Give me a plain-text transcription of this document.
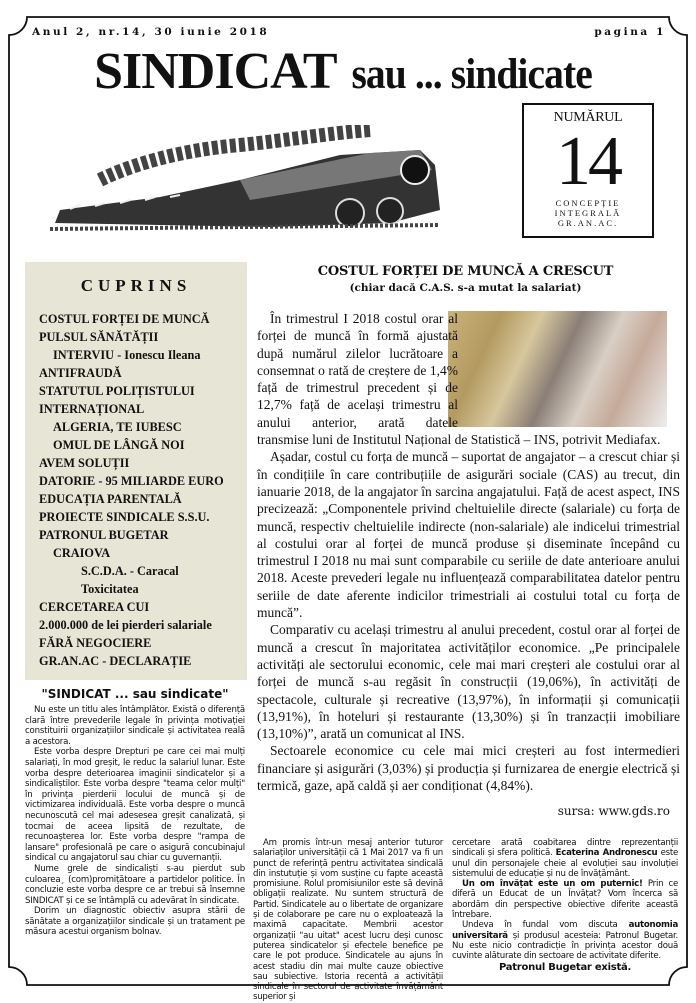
Anul 2, nr.14, 30 iunie 2018	pagina 1
SINDICAT sau ... sindicate
NUMĂRUL
14
CONCEPȚIE
INTEGRALĂ
GR.AN.AC.
CUPRINS
COSTUL FORȚEI DE MUNCĂ
PULSUL SĂNĂTĂȚII
INTERVIU - Ionescu Ileana
ANTIFRAUDĂ
STATUTUL POLIȚISTULUI
INTERNAȚIONAL
ALGERIA, TE IUBESC
OMUL DE LÂNGĂ NOI
AVEM SOLUȚII
DATORIE - 95 MILIARDE EURO
EDUCAȚIA PARENTALĂ
PROIECTE SINDICALE S.S.U.
PATRONUL BUGETAR
CRAIOVA
S.C.D.A. - Caracal
Toxicitatea
CERCETAREA CUI
2.000.000 de lei pierderi salariale
FĂRĂ NEGOCIERE
GR.AN.AC - DECLARAȚIE
"SINDICAT ... sau sindicate"

Nu este un titlu ales întâmplător. Există o diferență clară între prevederile legale în privința motivației constituirii organizațiilor sindicale și activitatea reală a acestora.

Este vorba despre Drepturi pe care cei mai mulți salariați, în mod greșit, le reduc la salariul lunar. Este vorba despre deterioarea imaginii sindicatelor și a sindicaliștilor. Este vorba despre "teama celor mulți" în privința pierderii locului de muncă și de victimizarea individuală. Este vorba despre o muncă necunoscută cel mai adesesea greșit canalizată, și tocmai de aceea lipsită de rezultate, de recunoașterea lor. Este vorba despre "rampa de lansare" profesională pe care o asigură concubinajul sindical cu angajatorul sau chiar cu guvernanții.

Nume grele de sindicaliști s-au pierdut sub culoarea¸ (com)promițătoare a partidelor politice. În concluzie este vorba despre ce ar trebui să însemne SINDICAT și ce se întâmplă cu adevărat în sindicate.

Dorim un diagnostic obiectiv asupra stării de sănătate a organizațiilor sindicale și un tratament pe măsura acestui organism bolnav.

COSTUL FORȚEI DE MUNCĂ A CRESCUT
(chiar dacă C.A.S. s-a mutat la salariat)

În trimestrul I 2018 costul orar al forței de muncă în formă ajustată după numărul zilelor lucrătoare a consemnat o rată de creștere de 1,4% față de trimestrul precedent și de 12,7% față de același trimestru al anului anterior, arată datele transmise luni de Institutul Național de Statistică – INS, potrivit Mediafax.

Așadar, costul cu forța de muncă – suportat de angajator – a crescut chiar și în condițiile în care contribuțiile de asigurări sociale (CAS) au trecut, din ianuarie 2018, de la angajator în sarcina angajatului. Față de acest aspect, INS precizează: „Componentele privind cheltuielile directe (salariale) cu forța de muncă, respectiv cheltuielile indirecte (non-salariale) ale indicelui trimestrial al costului orar al forței de muncă produse și diseminate începând cu trimestrul I 2018 nu mai sunt comparabile cu seriile de date anterioare anului 2018. Aceste prevederi legale nu influențează comparabilitatea datelor pentru seriile de date aferente indicilor trimestriali ai costului total cu forța de muncă”.

Comparativ cu același trimestru al anului precedent, costul orar al forței de muncă a crescut în majoritatea activităților economice. „Pe principalele activități ale sectorului economic, cele mai mari creșteri ale costului orar al forței de muncă s-au regăsit în construcții (19,06%), în activități de spectacole, culturale și recreative (13,97%), în informații și comunicații (13,91%), în hoteluri și restaurante (13,30%) și în tranzacții imobiliare (13,10%)”, arată un comunicat al INS.

Sectoarele economice cu cele mai mici creșteri au fost intermedieri financiare și asigurări (3,03%) și producția și furnizarea de energie electrică și termică, gaze, apă caldă și aer condiționat (4,84%).

sursa: www.gds.ro

Am promis într-un mesaj anterior tuturor salariaților universității că 1 Mai 2017 va fi un punct de referință pentru activitatea sindicală din instutuție și vom susține cu fapte această promisiune. Rolul promisiunilor este să devină obligații realizate. Nu suntem structură de Partid. Sindicatele au o libertate de organizare și de colaborare pe care nu o exploatează la maximă capacitate. Membrii acestor organizații "au uitat" acest lucru deși cunosc puterea sindicatelor și efectele benefice pe care le pot produce. Sindicatele au ajuns în acest stadiu din mai multe cauze obiective sau subiective. Istoria recentă a activității sindicale în sectorul de activitate învățământ superior și

cercetare arată coabitarea dintre reprezentanții sindicali și sfera politică. Ecaterina Andronescu este unul din personajele cheie al evoluției sau involuției sistemului de educație și nu de învățământ.

Un om învățat este un om puternic! Prin ce diferă un Educat de un Învățat? Vom încerca să abordăm din perspective obiective diferite această întrebare.

Undeva în fundal vom discuta autonomia universitară și produsul acesteia: Patronul Bugetar. Nu este nicio contradicție în privința acestor două cuvinte alăturate din sectoare de activitate diferite.

Patronul Bugetar există.
